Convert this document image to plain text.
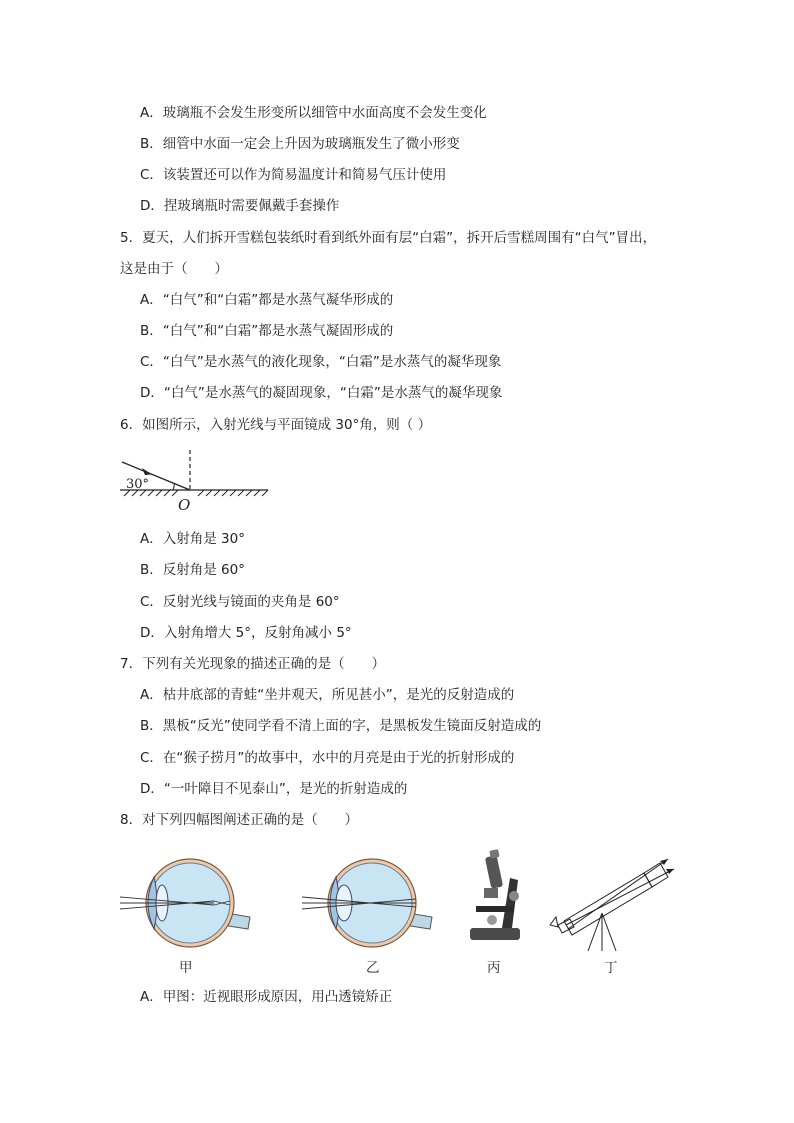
A．玻璃瓶不会发生形变所以细管中水面高度不会发生变化
B．细管中水面一定会上升因为玻璃瓶发生了微小形变
C．该装置还可以作为简易温度计和简易气压计使用
D．捏玻璃瓶时需要佩戴手套操作
5．夏天，人们拆开雪糕包装纸时看到纸外面有层“白霜”，拆开后雪糕周围有“白气”冒出，
这是由于（　　）
A．“白气”和“白霜”都是水蒸气凝华形成的
B．“白气”和“白霜”都是水蒸气凝固形成的
C．“白气”是水蒸气的液化现象，“白霜”是水蒸气的凝华现象
D．“白气”是水蒸气的凝固现象，“白霜”是水蒸气的凝华现象
6．如图所示，入射光线与平面镜成 30°角，则（ ）
30°
O
A．入射角是 30°
B．反射角是 60°
C．反射光线与镜面的夹角是 60°
D．入射角增大 5°，反射角减小 5°
7．下列有关光现象的描述正确的是（　　）
A．枯井底部的青蛙“坐井观天，所见甚小”，是光的反射造成的
B．黑板“反光”使同学看不清上面的字，是黑板发生镜面反射造成的
C．在“猴子捞月”的故事中，水中的月亮是由于光的折射形成的
D．“一叶障目不见泰山”，是光的折射造成的
8．对下列四幅图阐述正确的是（　　）
甲	乙	丙	丁
A．甲图：近视眼形成原因，用凸透镜矫正
